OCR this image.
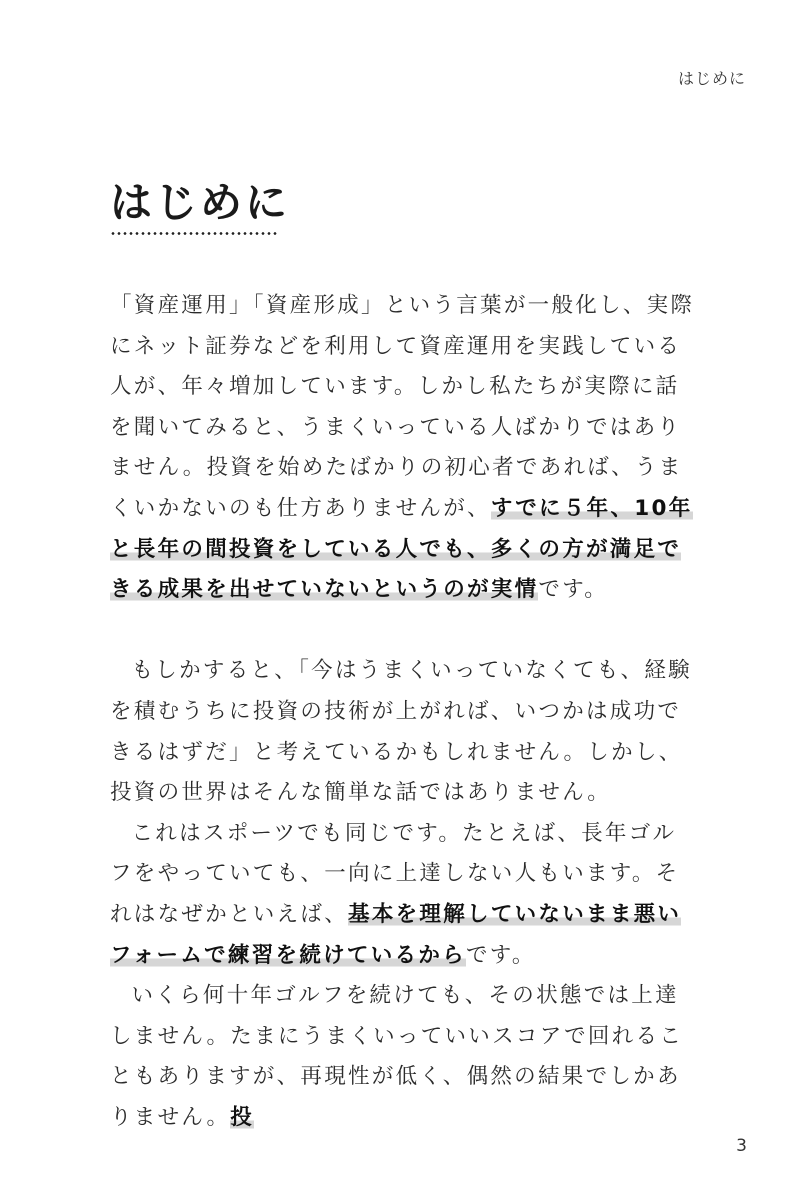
はじめに
はじめに

「資産運用」「資産形成」という言葉が一般化し、実際にネット証券などを利用して資産運用を実践している人が、年々増加しています。しかし私たちが実際に話を聞いてみると、うまくいっている人ばかりではありません。投資を始めたばかりの初心者であれば、うまくいかないのも仕方ありませんが、すでに５年、10年と長年の間投資をしている人でも、多くの方が満足できる成果を出せていないというのが実情です。

もしかすると、「今はうまくいっていなくても、経験を積むうちに投資の技術が上がれば、いつかは成功できるはずだ」と考えているかもしれません。しかし、投資の世界はそんな簡単な話ではありません。

これはスポーツでも同じです。たとえば、長年ゴルフをやっていても、一向に上達しない人もいます。それはなぜかといえば、基本を理解していないまま悪いフォームで練習を続けているからです。

いくら何十年ゴルフを続けても、その状態では上達しません。たまにうまくいっていいスコアで回れることもありますが、再現性が低く、偶然の結果でしかありません。投

3
